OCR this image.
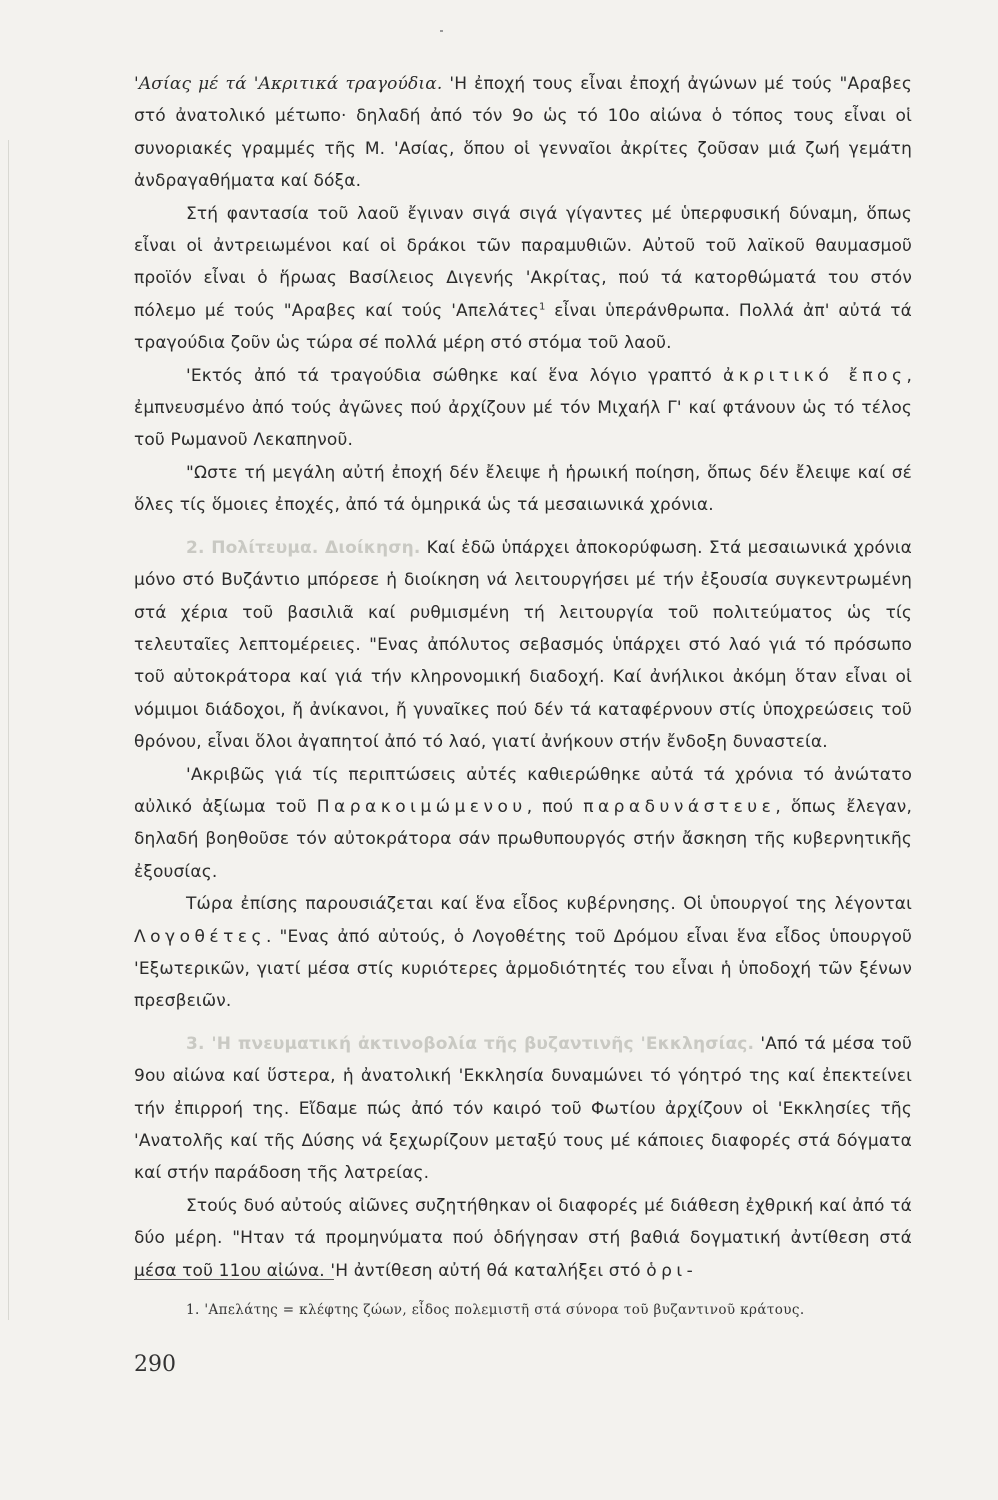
'Ασίας μέ τά 'Ακριτικά τραγούδια. 'Η ἐποχή τους εἶναι ἐποχή ἀγώνων μέ τούς "Αραβες στό ἀνατολικό μέτωπο· δηλαδή ἀπό τόν 9ο ὡς τό 10ο αἰώνα ὁ τόπος τους εἶναι οἱ συνοριακές γραμμές τῆς Μ. 'Ασίας, ὅπου οἱ γενναῖοι ἀκρίτες ζοῦσαν μιά ζωή γεμάτη ἀνδραγαθήματα καί δόξα.

Στή φαντασία τοῦ λαοῦ ἔγιναν σιγά σιγά γίγαντες μέ ὑπερφυσική δύναμη, ὅπως εἶναι οἱ ἀντρειωμένοι καί οἱ δράκοι τῶν παραμυθιῶν. Αὐτοῦ τοῦ λαϊκοῦ θαυμασμοῦ προϊόν εἶναι ὁ ἥρωας Βασίλειος Διγενής 'Ακρίτας, πού τά κατορθώματά του στόν πόλεμο μέ τούς "Αραβες καί τούς 'Απελάτες$^1$ εἶναι ὑπεράνθρωπα. Πολλά ἀπ' αὐτά τά τραγούδια ζοῦν ὡς τώρα σέ πολλά μέρη στό στόμα τοῦ λαοῦ.

'Εκτός ἀπό τά τραγούδια σώθηκε καί ἕνα λόγιο γραπτό ἀκριτικό ἔπος, ἐμπνευσμένο ἀπό τούς ἀγῶνες πού ἀρχίζουν μέ τόν Μιχαήλ Γ' καί φτάνουν ὡς τό τέλος τοῦ Ρωμανοῦ Λεκαπηνοῦ.

"Ωστε τή μεγάλη αὐτή ἐποχή δέν ἔλειψε ἡ ἡρωική ποίηση, ὅπως δέν ἔλειψε καί σέ ὅλες τίς ὅμοιες ἐποχές, ἀπό τά ὁμηρικά ὡς τά μεσαιωνικά χρόνια.

2. Πολίτευμα. Διοίκηση. Καί ἐδῶ ὑπάρχει ἀποκορύφωση. Στά μεσαιωνικά χρόνια μόνο στό Βυζάντιο μπόρεσε ἡ διοίκηση νά λειτουργήσει μέ τήν ἐξουσία συγκεντρωμένη στά χέρια τοῦ βασιλιᾶ καί ρυθμισμένη τή λειτουργία τοῦ πολιτεύματος ὡς τίς τελευταῖες λεπτομέρειες. "Ενας ἀπόλυτος σεβασμός ὑπάρχει στό λαό γιά τό πρόσωπο τοῦ αὐτοκράτορα καί γιά τήν κληρονομική διαδοχή. Καί ἀνήλικοι ἀκόμη ὅταν εἶναι οἱ νόμιμοι διάδοχοι, ἤ ἀνίκανοι, ἤ γυναῖκες πού δέν τά καταφέρνουν στίς ὑποχρεώσεις τοῦ θρόνου, εἶναι ὅλοι ἀγαπητοί ἀπό τό λαό, γιατί ἀνήκουν στήν ἔνδοξη δυναστεία.

'Ακριβῶς γιά τίς περιπτώσεις αὐτές καθιερώθηκε αὐτά τά χρόνια τό ἀνώτατο αὐλικό ἀξίωμα τοῦ Παρακοιμώμενου, πού παραδυνάστευε, ὅπως ἔλεγαν, δηλαδή βοηθοῦσε τόν αὐτοκράτορα σάν πρωθυπουργός στήν ἄσκηση τῆς κυβερνητικῆς ἐξουσίας.

Τώρα ἐπίσης παρουσιάζεται καί ἕνα εἶδος κυβέρνησης. Οἱ ὑπουργοί της λέγονται Λογοθέτες. "Ενας ἀπό αὐτούς, ὁ Λογοθέτης τοῦ Δρόμου εἶναι ἕνα εἶδος ὑπουργοῦ 'Εξωτερικῶν, γιατί μέσα στίς κυριότερες ἁρμοδιότητές του εἶναι ἡ ὑποδοχή τῶν ξένων πρεσβειῶν.

3. 'Η πνευματική ἀκτινοβολία τῆς βυζαντινῆς 'Εκκλησίας. 'Από τά μέσα τοῦ 9ου αἰώνα καί ὕστερα, ἡ ἀνατολική 'Εκκλησία δυναμώνει τό γόητρό της καί ἐπεκτείνει τήν ἐπιρροή της. Εἴδαμε πώς ἀπό τόν καιρό τοῦ Φωτίου ἀρχίζουν οἱ 'Εκκλησίες τῆς 'Ανατολῆς καί τῆς Δύσης νά ξεχωρίζουν μεταξύ τους μέ κάποιες διαφορές στά δόγματα καί στήν παράδοση τῆς λατρείας.

Στούς δυό αὐτούς αἰῶνες συζητήθηκαν οἱ διαφορές μέ διάθεση ἐχθρική καί ἀπό τά δύο μέρη. "Ηταν τά προμηνύματα πού ὁδήγησαν στή βαθιά δογματική ἀντίθεση στά μέσα τοῦ 11ου αἰώνα. 'Η ἀντίθεση αὐτή θά καταλήξει στό ὁρι-

1. 'Απελάτης = κλέφτης ζώων, εἶδος πολεμιστῆ στά σύνορα τοῦ βυζαντινοῦ κράτους.
290
